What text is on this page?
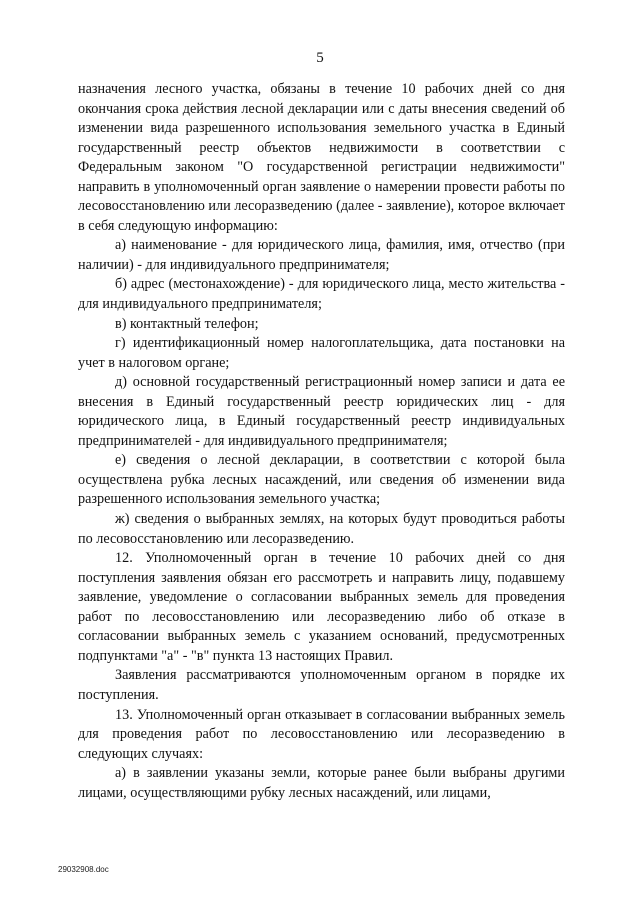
5

назначения лесного участка, обязаны в течение 10 рабочих дней со дня окончания срока действия лесной декларации или с даты внесения сведений об изменении вида разрешенного использования земельного участка в Единый государственный реестр объектов недвижимости в соответствии с Федеральным законом "О государственной регистрации недвижимости" направить в уполномоченный орган заявление о намерении провести работы по лесовосстановлению или лесоразведению (далее - заявление), которое включает в себя следующую информацию:

а) наименование - для юридического лица, фамилия, имя, отчество (при наличии) - для индивидуального предпринимателя;

б) адрес (местонахождение) - для юридического лица, место жительства - для индивидуального предпринимателя;

в) контактный телефон;

г) идентификационный номер налогоплательщика, дата постановки на учет в налоговом органе;

д) основной государственный регистрационный номер записи и дата ее внесения в Единый государственный реестр юридических лиц - для юридического лица, в Единый государственный реестр индивидуальных предпринимателей - для индивидуального предпринимателя;

е) сведения о лесной декларации, в соответствии с которой была осуществлена рубка лесных насаждений, или сведения об изменении вида разрешенного использования земельного участка;

ж) сведения о выбранных землях, на которых будут проводиться работы по лесовосстановлению или лесоразведению.

12. Уполномоченный орган в течение 10 рабочих дней со дня поступления заявления обязан его рассмотреть и направить лицу, подавшему заявление, уведомление о согласовании выбранных земель для проведения работ по лесовосстановлению или лесоразведению либо об отказе в согласовании выбранных земель с указанием оснований, предусмотренных подпунктами "а" - "в" пункта 13 настоящих Правил.

Заявления рассматриваются уполномоченным органом в порядке их поступления.

13. Уполномоченный орган отказывает в согласовании выбранных земель для проведения работ по лесовосстановлению или лесоразведению в следующих случаях:

а) в заявлении указаны земли, которые ранее были выбраны другими лицами, осуществляющими рубку лесных насаждений, или лицами,

29032908.doc
